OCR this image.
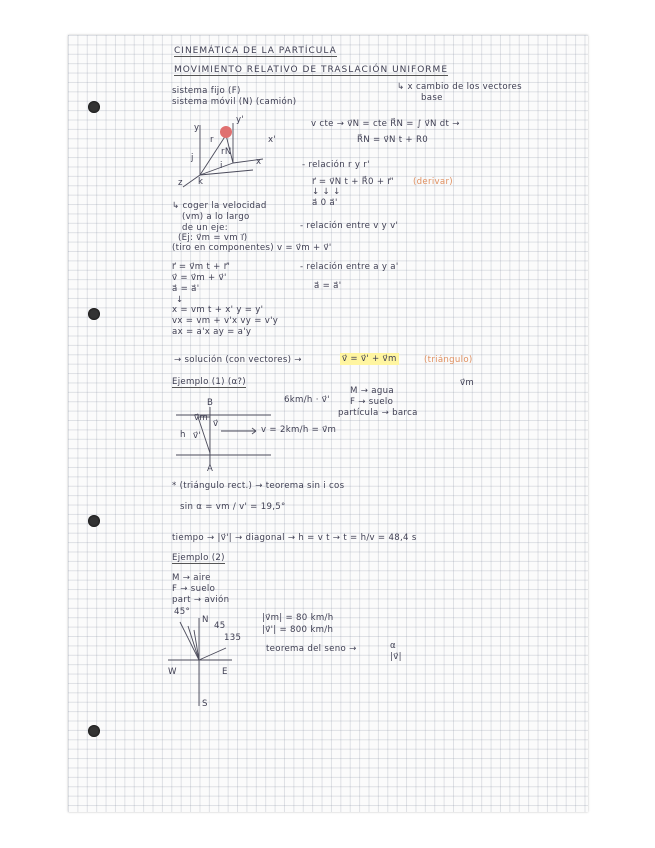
CINEMÁTICA DE LA PARTÍCULA
MOVIMIENTO RELATIVO DE TRASLACIÓN UNIFORME
sistema fijo (F)
sistema móvil (N) (camión)
↳ x cambio de los vectores
base
y
y'
x
x'
z k
j
i
rN
r
v cte → v⃗N = cte R⃗N = ∫ v⃗N dt →
R⃗N = v⃗N t + R0
- relación r y r'
r⃗ = v⃗N t + R⃗0 + r⃗' (derivar)
↓ ↓ ↓
a⃗ 0 a⃗'
↳ coger la velocidad
(vm) a lo largo
de un eje:
(Ej: v⃗m = vm i⃗)
(tiro en componentes) v = v⃗m + v⃗'
- relación entre v y v'
r⃗ = v⃗m t + r⃗'
v⃗ = v⃗m + v⃗'
a⃗ = a⃗'
- relación entre a y a'
a⃗ = a⃗'
↓
x = vm t + x' y = y'
vx = vm + v'x vy = v'y
ax = a'x ay = a'y
→ solución (con vectores) →	v⃗ = v⃗' + v⃗m	(triángulo)
Ejemplo (1) (α?)
6km/h · v⃗'
M → agua
F → suelo
partícula → barca
v⃗m
B
A
h	v = 2km/h = v⃗m
v⃗m
v⃗
v⃗'
* (triángulo rect.) → teorema sin i cos
sin α = vm / v' = 19,5°
tiempo → |v⃗'| → diagonal → h = v t → t = h/v = 48,4 s
Ejemplo (2)
M → aire
F → suelo
part → avión
N
S
W	E
45°
45
135
|v⃗m| = 80 km/h
|v⃗'| = 800 km/h
teorema del seno →	α
|v⃗|
